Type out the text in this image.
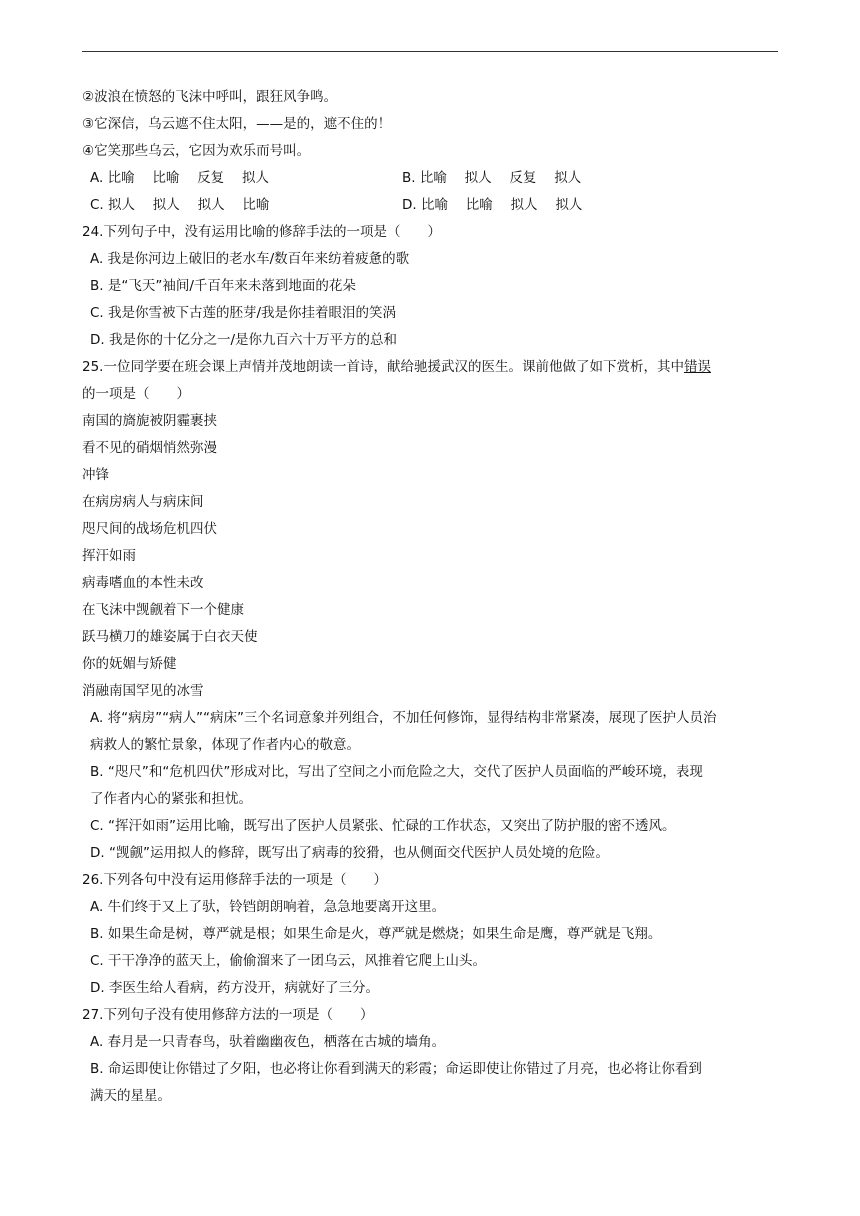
②波浪在愤怒的飞沫中呼叫，跟狂风争鸣。
③它深信，乌云遮不住太阳，——是的，遮不住的！
④它笑那些乌云，它因为欢乐而号叫。
A. 比喻　 比喻　 反复　 拟人	B. 比喻　 拟人　 反复　 拟人
C. 拟人　 拟人　 拟人　 比喻	D. 比喻　 比喻　 拟人　 拟人
24.下列句子中，没有运用比喻的修辞手法的一项是（　　）
A. 我是你河边上破旧的老水车/数百年来纺着疲惫的歌
B. 是“飞天”袖间/千百年来未落到地面的花朵
C. 我是你雪被下古莲的胚芽/我是你挂着眼泪的笑涡
D. 我是你的十亿分之一/是你九百六十万平方的总和
25.一位同学要在班会课上声情并茂地朗读一首诗，献给驰援武汉的医生。课前他做了如下赏析，其中错误
的一项是（　　）
南国的旖旎被阴霾裹挟
看不见的硝烟悄然弥漫
冲锋
在病房病人与病床间
咫尺间的战场危机四伏
挥汗如雨
病毒嗜血的本性未改
在飞沫中觊觎着下一个健康
跃马横刀的雄姿属于白衣天使
你的妩媚与矫健
消融南国罕见的冰雪
A. 将“病房”“病人”“病床”三个名词意象并列组合，不加任何修饰，显得结构非常紧凑，展现了医护人员治
病救人的繁忙景象，体现了作者内心的敬意。
B. “咫尺”和“危机四伏”形成对比，写出了空间之小而危险之大，交代了医护人员面临的严峻环境，表现
了作者内心的紧张和担忧。
C. “挥汗如雨”运用比喻，既写出了医护人员紧张、忙碌的工作状态，又突出了防护服的密不透风。
D. “觊觎”运用拟人的修辞，既写出了病毒的狡猾，也从侧面交代医护人员处境的危险。
26.下列各句中没有运用修辞手法的一项是（　　）
A. 牛们终于又上了驮，铃铛朗朗响着，急急地要离开这里。
B. 如果生命是树，尊严就是根；如果生命是火，尊严就是燃烧；如果生命是鹰，尊严就是飞翔。
C. 干干净净的蓝天上，偷偷溜来了一团乌云，风推着它爬上山头。
D. 李医生给人看病，药方没开，病就好了三分。
27.下列句子没有使用修辞方法的一项是（　　）
A. 春月是一只青春鸟，驮着幽幽夜色，栖落在古城的墙角。
B. 命运即使让你错过了夕阳，也必将让你看到满天的彩霞；命运即使让你错过了月亮，也必将让你看到
满天的星星。
